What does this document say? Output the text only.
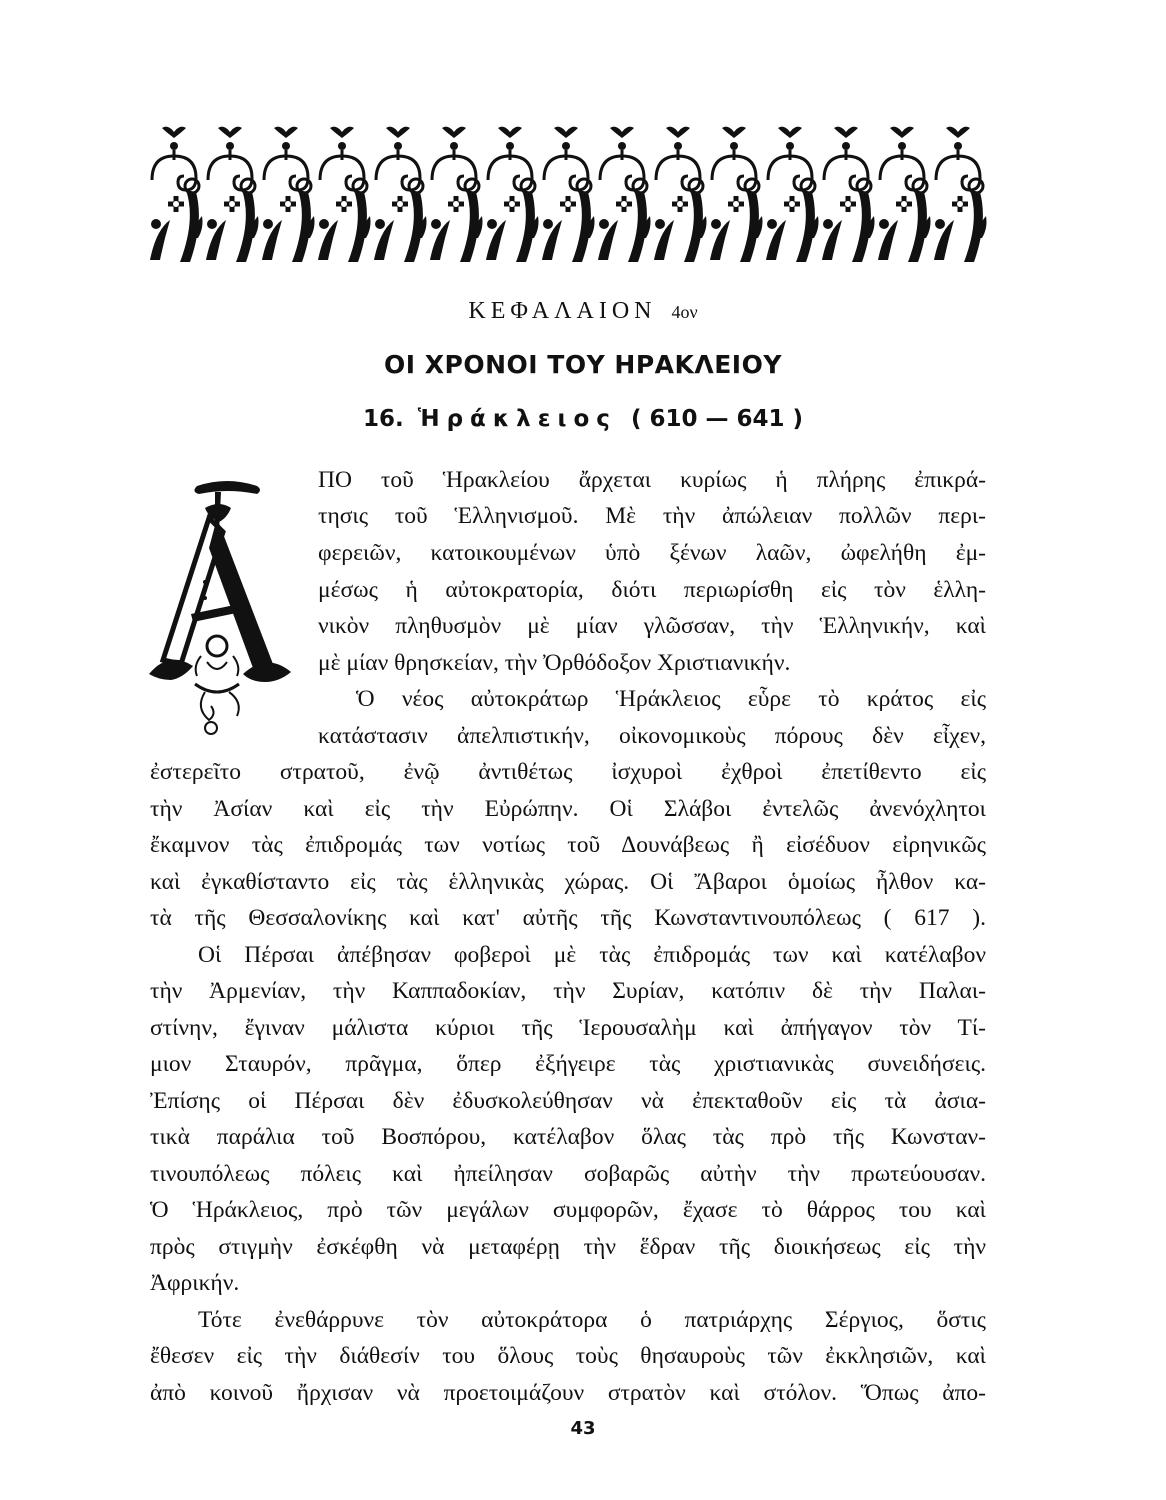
ΚΕΦΑΛΑΙΟΝ 4ον
ΟΙ ΧΡΟΝΟΙ ΤΟΥ ΗΡΑΚΛΕΙΟΥ
16. Ἡράκλειος ( 610 — 641 )
ΠΟ τοῦ Ἡρακλείου ἄρχεται κυρίως ἡ πλήρης ἐπικρά-
τησις τοῦ Ἑλληνισμοῦ. Μὲ τὴν ἀπώλειαν πολλῶν περι-
φερειῶν, κατοικουμένων ὑπὸ ξένων λαῶν, ὠφελήθη ἐμ-
μέσως ἡ αὐτοκρατορία, διότι περιωρίσθη εἰς τὸν ἑλλη-
νικὸν πληθυσμὸν μὲ μίαν γλῶσσαν, τὴν Ἑλληνικήν, καὶ
μὲ μίαν θρησκείαν, τὴν Ὀρθόδοξον Χριστιανικήν.
Ὁ νέος αὐτοκράτωρ Ἡράκλειος εὗρε τὸ κράτος εἰς
κατάστασιν ἀπελπιστικήν, οἰκονομικοὺς πόρους δὲν εἶχεν,
ἐστερεῖτο στρατοῦ, ἐνῷ ἀντιθέτως ἰσχυροὶ ἐχθροὶ ἐπετίθεντο εἰς
τὴν Ἀσίαν καὶ εἰς τὴν Εὐρώπην. Οἱ Σλάβοι ἐντελῶς ἀνενόχλητοι
ἔκαμνον τὰς ἐπιδρομάς των νοτίως τοῦ Δουνάβεως ἢ εἰσέδυον εἰρηνικῶς
καὶ ἐγκαθίσταντο εἰς τὰς ἑλληνικὰς χώρας. Οἱ Ἄβαροι ὁμοίως ἦλθον κα-
τὰ τῆς Θεσσαλονίκης καὶ κατ' αὐτῆς τῆς Κωνσταντινουπόλεως ( 617 ).
Οἱ Πέρσαι ἀπέβησαν φοβεροὶ μὲ τὰς ἐπιδρομάς των καὶ κατέλαβον
τὴν Ἀρμενίαν, τὴν Καππαδοκίαν, τὴν Συρίαν, κατόπιν δὲ τὴν Παλαι-
στίνην, ἔγιναν μάλιστα κύριοι τῆς Ἱερουσαλὴμ καὶ ἀπήγαγον τὸν Τί-
μιον Σταυρόν, πρᾶγμα, ὅπερ ἐξήγειρε τὰς χριστιανικὰς συνειδήσεις.
Ἐπίσης οἱ Πέρσαι δὲν ἐδυσκολεύθησαν νὰ ἐπεκταθοῦν εἰς τὰ ἀσια-
τικὰ παράλια τοῦ Βοσπόρου, κατέλαβον ὅλας τὰς πρὸ τῆς Κωνσταν-
τινουπόλεως πόλεις καὶ ἠπείλησαν σοβαρῶς αὐτὴν τὴν πρωτεύουσαν.
Ὁ Ἡράκλειος, πρὸ τῶν μεγάλων συμφορῶν, ἔχασε τὸ θάρρος του καὶ
πρὸς στιγμὴν ἐσκέφθη νὰ μεταφέρῃ τὴν ἕδραν τῆς διοικήσεως εἰς τὴν
Ἀφρικήν.
Τότε ἐνεθάρρυνε τὸν αὐτοκράτορα ὁ πατριάρχης Σέργιος, ὅστις
ἔθεσεν εἰς τὴν διάθεσίν του ὅλους τοὺς θησαυροὺς τῶν ἐκκλησιῶν, καὶ
ἀπὸ κοινοῦ ἤρχισαν νὰ προετοιμάζουν στρατὸν καὶ στόλον. Ὅπως ἀπο-
43
